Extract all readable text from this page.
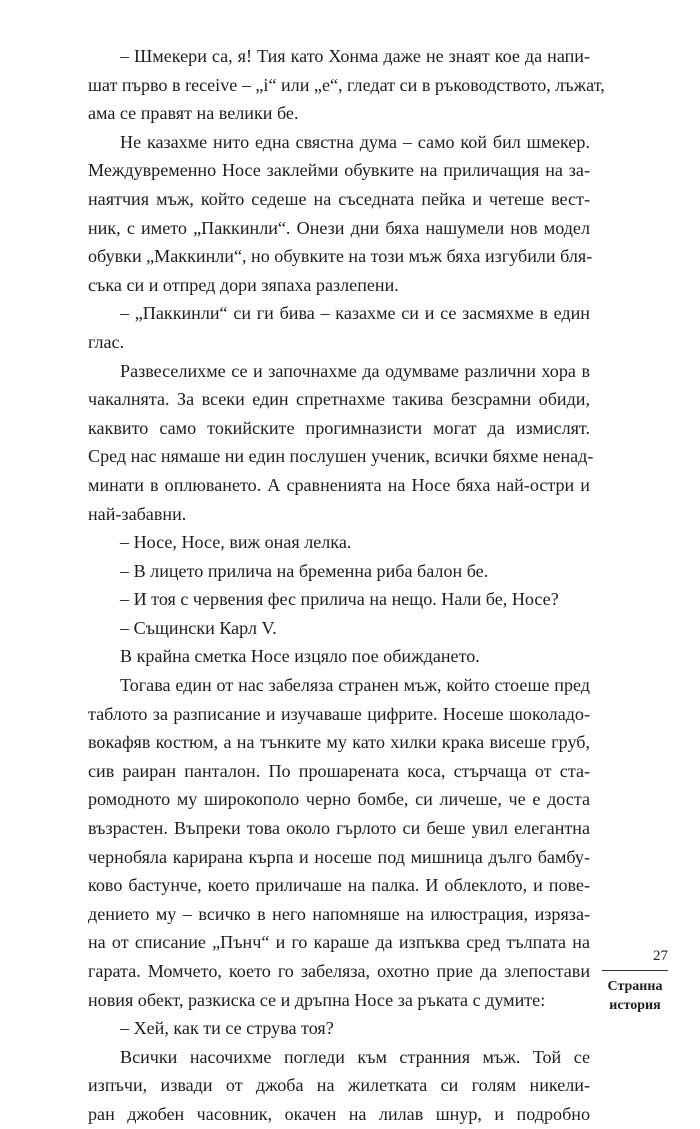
– Шмекери са, я! Тия като Хонма даже не знаят кое да напи-
шат първо в receive – „i“ или „e“, гледат си в ръководството, лъжат,
ама се правят на велики бе.

Не казахме нито една свястна дума – само кой бил шмекер.
Междувременно Носе заклейми обувките на приличащия на за-
наятчия мъж, който седеше на съседната пейка и четеше вест-
ник, с името „Паккинли“. Онези дни бяха нашумели нов модел
обувки „Маккинли“, но обувките на този мъж бяха изгубили бля-
съка си и отпред дори зяпаха разлепени.

– „Паккинли“ си ги бива – казахме си и се засмяхме в един
глас.

Развеселихме се и започнахме да одумваме различни хора в
чакалнята. За всеки един спретнахме такива безсрамни обиди,
каквито само токийските прогимназисти могат да измислят.
Сред нас нямаше ни един послушен ученик, всички бяхме ненад-
минати в оплюването. А сравненията на Носе бяха най-остри и
най-забавни.

– Носе, Носе, виж оная лелка.

– В лицето прилича на бременна риба балон бе.

– И тоя с червения фес прилича на нещо. Нали бе, Носе?

– Същински Карл V.

В крайна сметка Носе изцяло пое обиждането.

Тогава един от нас забеляза странен мъж, който стоеше пред
таблото за разписание и изучаваше цифрите. Носеше шоколадо-
вокафяв костюм, а на тънките му като хилки крака висеше груб,
сив раиран панталон. По прошарената коса, стърчаща от ста-
ромодното му широкополо черно бомбе, си личеше, че е доста
възрастен. Въпреки това около гърлото си беше увил елегантна
чернобяла карирана кърпа и носеше под мишница дълго бамбу-
ково бастунче, което приличаше на палка. И облеклото, и пове-
дението му – всичко в него напомняше на илюстрация, изрязa-
на от списание „Пънч“ и го караше да изпъква сред тълпата на
гарата. Момчето, което го забеляза, охотно прие да злепостави
новия обект, разкиска се и дръпна Носе за ръката с думите:

– Хей, как ти се струва тоя?

Всички насочихме погледи към странния мъж. Той се
изпъчи, извади от джоба на жилетката си голям никели-
ран джобен часовник, окачен на лилав шнур, и подробно

27
Странна
история
